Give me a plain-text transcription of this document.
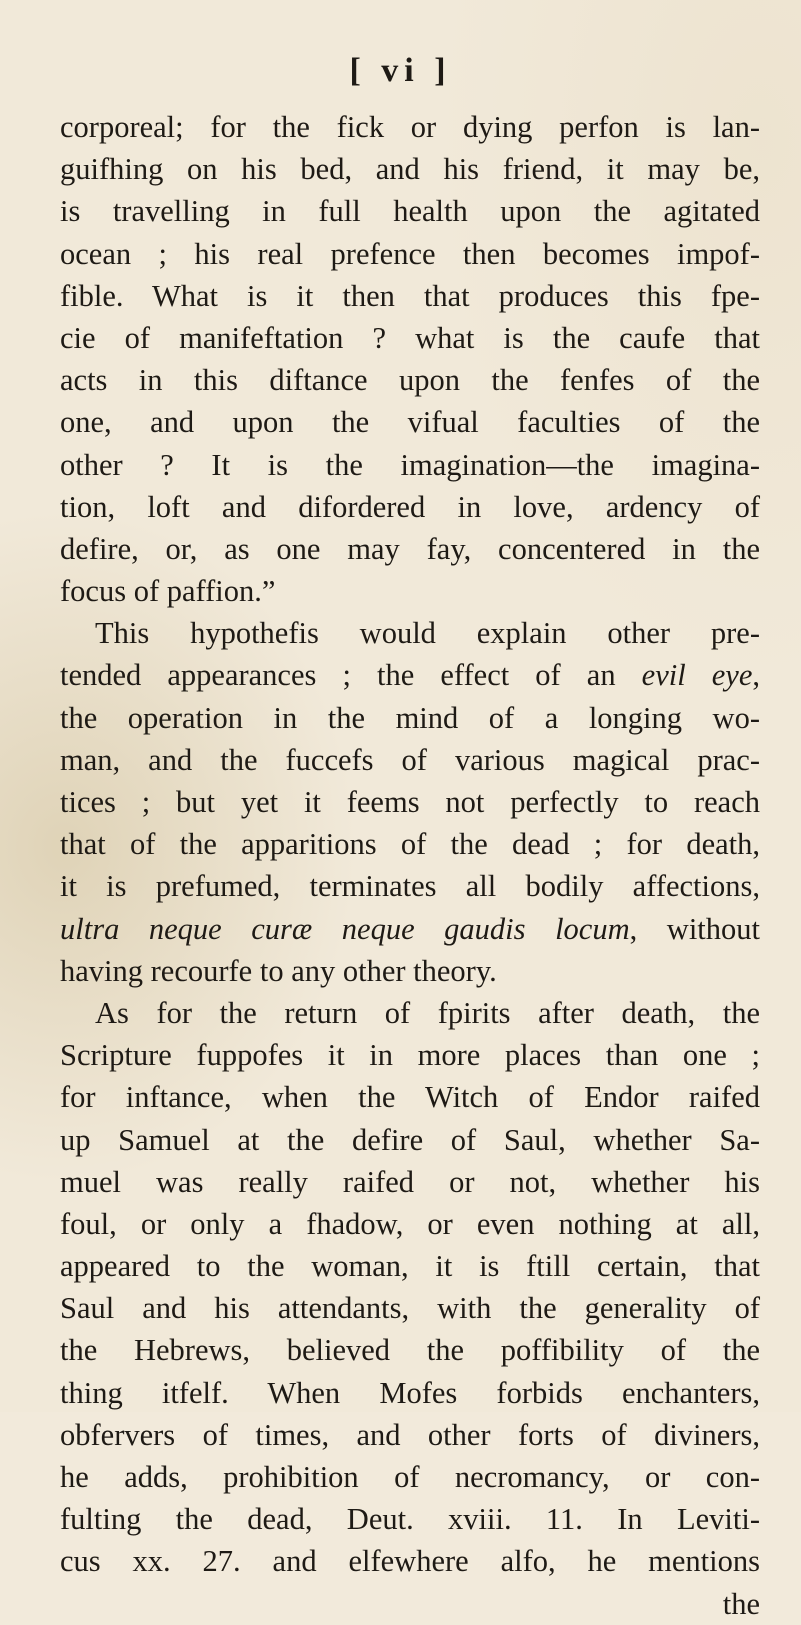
[ vi ]
corporeal; for the fick or dying perfon is lan-
guifhing on his bed, and his friend, it may be,
is travelling in full health upon the agitated
ocean ; his real prefence then becomes impof-
fible. What is it then that produces this fpe-
cie of manifeftation ? what is the caufe that
acts in this diftance upon the fenfes of the
one, and upon the vifual faculties of the
other ? It is the imagination—the imagina-
tion, loft and difordered in love, ardency of
defire, or, as one may fay, concentered in the
focus of paffion.”
This hypothefis would explain other pre-
tended appearances ; the effect of an evil eye,
the operation in the mind of a longing wo-
man, and the fuccefs of various magical prac-
tices ; but yet it feems not perfectly to reach
that of the apparitions of the dead ; for death,
it is prefumed, terminates all bodily affections,
ultra neque curæ neque gaudis locum, without
having recourfe to any other theory.
As for the return of fpirits after death, the
Scripture fuppofes it in more places than one ;
for inftance, when the Witch of Endor raifed
up Samuel at the defire of Saul, whether Sa-
muel was really raifed or not, whether his
foul, or only a fhadow, or even nothing at all,
appeared to the woman, it is ftill certain, that
Saul and his attendants, with the generality of
the Hebrews, believed the poffibility of the
thing itfelf. When Mofes forbids enchanters,
obfervers of times, and other forts of diviners,
he adds, prohibition of necromancy, or con-
fulting the dead, Deut. xviii. 11. In Leviti-
cus xx. 27. and elfewhere alfo, he mentions
the
